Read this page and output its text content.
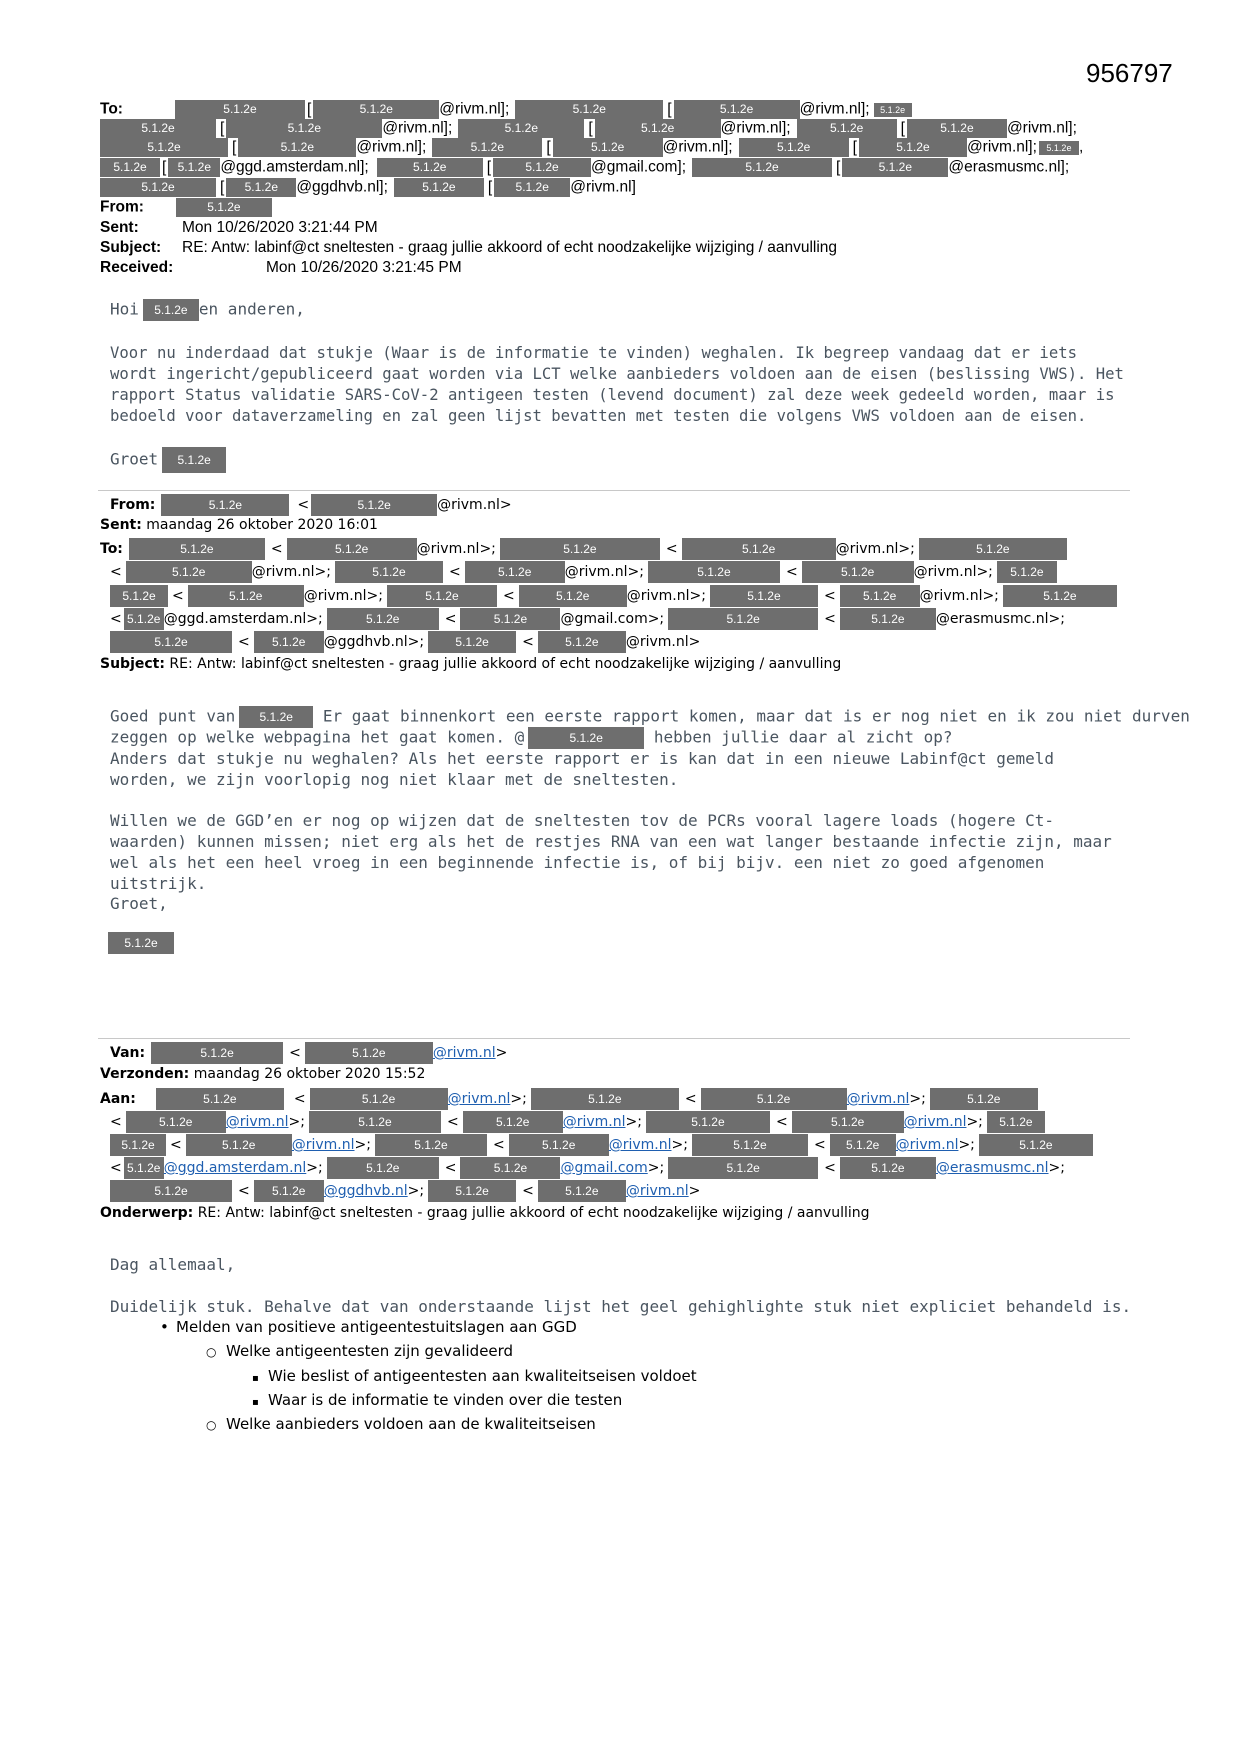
956797
To:	5.1.2e	[	5.1.2e	@rivm.nl];	5.1.2e	[	5.1.2e	@rivm.nl]; 5.1.2e
5.1.2e	[	5.1.2e	@rivm.nl];	5.1.2e	[	5.1.2e	@rivm.nl];	5.1.2e [	5.1.2e @rivm.nl];
5.1.2e	[	5.1.2e	@rivm.nl];	5.1.2e	[	5.1.2e @rivm.nl];	5.1.2e	[	5.1.2e @rivm.nl]; 5.1.2e ,
5.1.2e [ 5.1.2e @ggd.amsterdam.nl];	5.1.2e	[	5.1.2e @gmail.com];	5.1.2e	[	5.1.2e @erasmusmc.nl];
5.1.2e	[ 5.1.2e @ggdhvb.nl];	5.1.2e [ 5.1.2e @rivm.nl]
From:	5.1.2e
Sent:	Mon 10/26/2020 3:21:44 PM
Subject: RE: Antw: labinf@ct sneltesten - graag jullie akkoord of echt noodzakelijke wijziging / aanvulling
Received:	Mon 10/26/2020 3:21:45 PM
Hoi 5.1.2e en anderen,
Voor nu inderdaad dat stukje (Waar is de informatie te vinden) weghalen. Ik begreep vandaag dat er iets wordt ingericht/gepubliceerd gaat worden via LCT welke aanbieders voldoen aan de eisen (beslissing VWS). Het rapport Status validatie SARS-CoV-2 antigeen testen (levend document) zal deze week gedeeld worden, maar is bedoeld voor dataverzameling en zal geen lijst bevatten met testen die volgens VWS voldoen aan de eisen.
Groet 5.1.2e
From:	5.1.2e	<	5.1.2e	@rivm.nl>
Sent: maandag 26 oktober 2020 16:01
To:	5.1.2e	<	5.1.2e	@rivm.nl>;	5.1.2e	<	5.1.2e	@rivm.nl>;	5.1.2e
<	5.1.2e	@rivm.nl>;	5.1.2e	<	5.1.2e @rivm.nl>;	5.1.2e	<	5.1.2e	@rivm.nl>; 5.1.2e
5.1.2e <	5.1.2e	@rivm.nl>;	5.1.2e	<	5.1.2e	@rivm.nl>;	5.1.2e	< 5.1.2e @rivm.nl>;	5.1.2e
< 5.1.2e @ggd.amsterdam.nl>;	5.1.2e	<	5.1.2e @gmail.com>;	5.1.2e	<	5.1.2e @erasmusmc.nl>;
5.1.2e	< 5.1.2e @ggdhvb.nl>;	5.1.2e <	5.1.2e @rivm.nl>
Subject: RE: Antw: labinf@ct sneltesten - graag jullie akkoord of echt noodzakelijke wijziging / aanvulling
Goed punt van 5.1.2e Er gaat binnenkort een eerste rapport komen, maar dat is er nog niet en ik zou niet durven
zeggen op welke webpagina het gaat komen. @	5.1.2e	hebben jullie daar al zicht op?
Anders dat stukje nu weghalen? Als het eerste rapport er is kan dat in een nieuwe Labinf@ct gemeld worden, we zijn voorlopig nog niet klaar met de sneltesten.
Willen we de GGD’en er nog op wijzen dat de sneltesten tov de PCRs vooral lagere loads (hogere Ct-waarden) kunnen missen; niet erg als het de restjes RNA van een wat langer bestaande infectie zijn, maar wel als het een heel vroeg in een beginnende infectie is, of bij bijv. een niet zo goed afgenomen uitstrijk.
Groet,
5.1.2e
Van:	5.1.2e	<	5.1.2e	@rivm.nl>
Verzonden: maandag 26 oktober 2020 15:52
Aan:	5.1.2e	<	5.1.2e	@rivm.nl>;	5.1.2e	<	5.1.2e	@rivm.nl>;	5.1.2e
<	5.1.2e @rivm.nl>;	5.1.2e	<	5.1.2e @rivm.nl>;	5.1.2e	<	5.1.2e	@rivm.nl>; 5.1.2e
5.1.2e <	5.1.2e	@rivm.nl>;	5.1.2e	<	5.1.2e @rivm.nl>;	5.1.2e	< 5.1.2e @rivm.nl>;	5.1.2e
< 5.1.2e @ggd.amsterdam.nl>;	5.1.2e	<	5.1.2e @gmail.com>;	5.1.2e	<	5.1.2e @erasmusmc.nl>;
5.1.2e	< 5.1.2e @ggdhvb.nl>;	5.1.2e <	5.1.2e @rivm.nl>
Onderwerp: RE: Antw: labinf@ct sneltesten - graag jullie akkoord of echt noodzakelijke wijziging / aanvulling
Dag allemaal,
Duidelijk stuk. Behalve dat van onderstaande lijst het geel gehighlighte stuk niet expliciet behandeld is.
• Melden van positieve antigeentestuitslagen aan GGD
○ Welke antigeentesten zijn gevalideerd
▪ Wie beslist of antigeentesten aan kwaliteitseisen voldoet
▪ Waar is de informatie te vinden over die testen
○ Welke aanbieders voldoen aan de kwaliteitseisen
